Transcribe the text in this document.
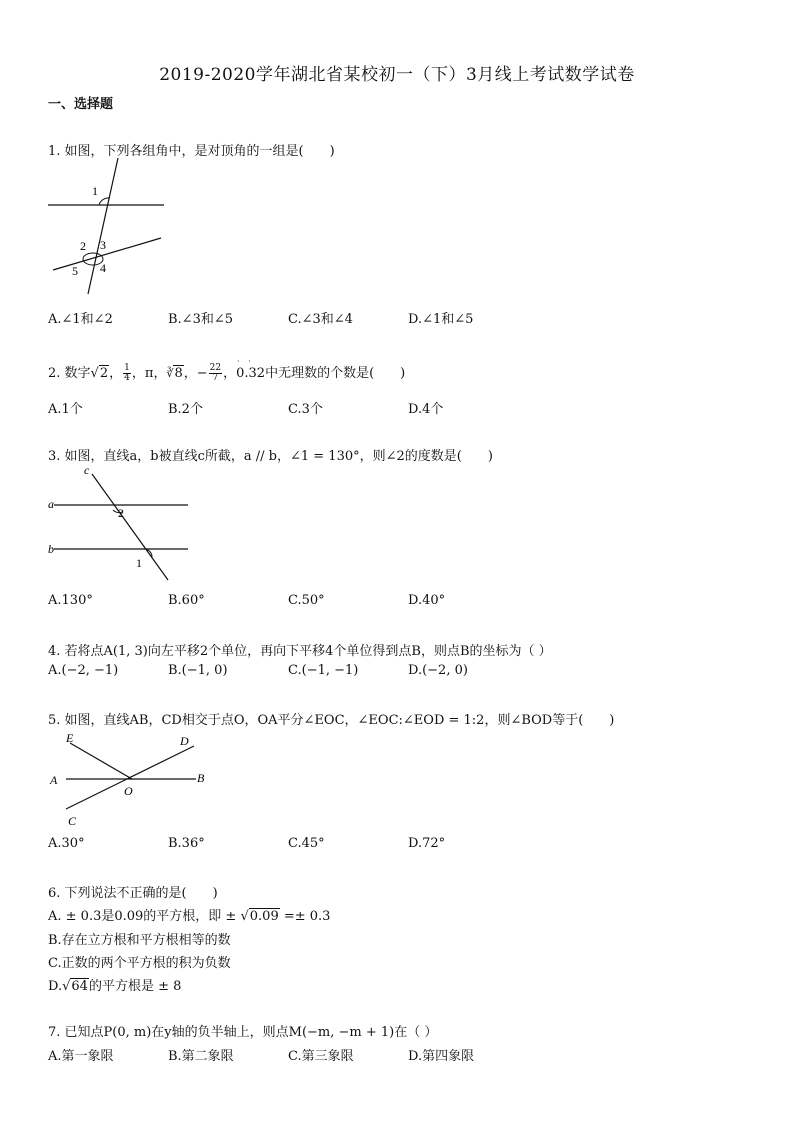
2019-2020学年湖北省某校初一（下）3月线上考试数学试卷
一、选择题
1. 如图，下列各组角中，是对顶角的一组是(　　)
1
2 3
5 4
A.∠1和∠2	B.∠3和∠5	C.∠3和∠4	D.∠1和∠5
2. 数字√2， $\frac{1}{4}$ ，π，∛8，− $\frac{22}{7}$ ，0.32中无理数的个数是(　　)
· ·
A.1个	B.2个	C.3个	D.4个
3. 如图，直线a，b被直线c所截，a // b，∠1 = 130°，则∠2的度数是(　　)
c
a
b
2
1
A.130°	B.60°	C.50°	D.40°
4. 若将点A(1, 3)向左平移2个单位，再向下平移4个单位得到点B，则点B的坐标为（ ）
A.(−2, −1)	B.(−1, 0)	C.(−1, −1)	D.(−2, 0)
5. 如图，直线AB，CD相交于点O，OA平分∠EOC，∠EOC:∠EOD = 1:2，则∠BOD等于(　　)
E	D
A	B
O
C
A.30°	B.36°	C.45°	D.72°
6. 下列说法不正确的是(　　)
A. ± 0.3是0.09的平方根，即 ± √0.09 =± 0.3
B.存在立方根和平方根相等的数
C.正数的两个平方根的积为负数
D.√64的平方根是 ± 8
7. 已知点P(0, m)在y轴的负半轴上，则点M(−m, −m + 1)在（ ）
A.第一象限	B.第二象限	C.第三象限	D.第四象限
